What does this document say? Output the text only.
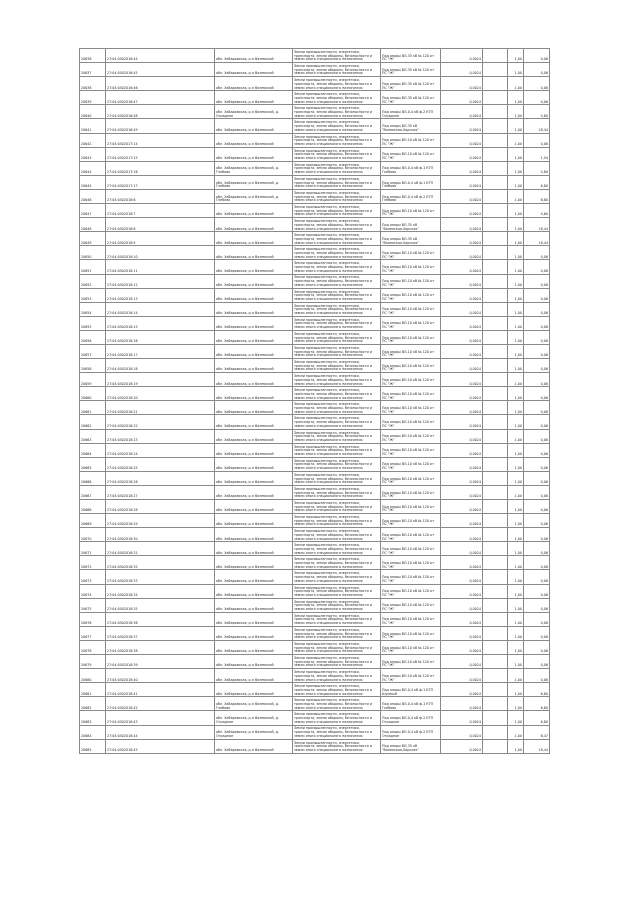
20636	27:04:0502016:44	обл. Хабаровская, р-н Вяземский	Земли промышленности, энергетики, транспорта, земли обороны, безопасности и земли иного специального назначения	Под опоры ВЛ-35 кВ № 120 от ПС "Ж"	0,0024		1,00	0,06
20637	27:04:0502016:45	обл. Хабаровская, р-н Вяземский	Земли промышленности, энергетики, транспорта, земли обороны, безопасности и земли иного специального назначения	Под опоры ВЛ-35 кВ № 120 от ПС "Ж"	0,0024		1,00	0,06
20638	27:04:0502016:46	обл. Хабаровская, р-н Вяземский	Земли промышленности, энергетики, транспорта, земли обороны, безопасности и земли иного специального назначения	Под опоры ВЛ-35 кВ № 120 от ПС "Ж"	0,0024		1,00	0,06
20639	27:04:0502016:47	обл. Хабаровская, р-н Вяземский	Земли промышленности, энергетики, транспорта, земли обороны, безопасности и земли иного специального назначения	Под опоры ВЛ-35 кВ № 120 от ПС "Ж"	0,0024		1,00	0,06
20640	27:04:0502016:48	обл. Хабаровская, р-н Вяземский, д. Отрадное	Земли промышленности, энергетики, транспорта, земли обороны, безопасности и земли иного специального назначения	Под опоры ВЛ-0,4 кВ ф.2 КТП Отрадное	0,0024		1,00	4,80
20641	27:04:0502016:49	обл. Хабаровская, р-н Вяземский	Земли промышленности, энергетики, транспорта, земли обороны, безопасности и земли иного специального назначения	Под опоры ВЛ-35 кВ "Вяземская-Хорская"	0,0024		1,00	18,44
20642	27:04:0502017:14	обл. Хабаровская, р-н Вяземский	Земли промышленности, энергетики, транспорта, земли обороны, безопасности и земли иного специального назначения	Под опоры ВЛ-10 кВ № 120 от ПС "Ж"	0,0024		1,00	0,06
20643	27:04:0502017:15	обл. Хабаровская, р-н Вяземский	Земли промышленности, энергетики, транспорта, земли обороны, безопасности и земли иного специального назначения	Под опоры ВЛ-10 кВ № 120 от ПС "Ж"	0,0024		1,00	1,54
20644	27:04:0502017:16	обл. Хабаровская, р-н Вяземский, д. Глебово	Земли промышленности, энергетики, транспорта, земли обороны, безопасности и земли иного специального назначения	Под опоры ВЛ-0,4 кВ ф.1 КТП Глебово	0,0024		1,00	4,80
20645	27:04:0502017:17	обл. Хабаровская, р-н Вяземский, д. Глебово	Земли промышленности, энергетики, транспорта, земли обороны, безопасности и земли иного специального назначения	Под опоры ВЛ-0,4 кВ ф.1 КТП Глебово	0,0024		1,00	6,80
20646	27:04:0502018:6	обл. Хабаровская, р-н Вяземский, д. Глебово	Земли промышленности, энергетики, транспорта, земли обороны, безопасности и земли иного специального назначения	Под опоры ВЛ-0,4 кВ ф.2 КТП Глебово	0,0024		1,00	6,80
20647	27:04:0502018:7	обл. Хабаровская, р-н Вяземский	Земли промышленности, энергетики, транспорта, земли обороны, безопасности и земли иного специального назначения	Под опоры ВЛ-10 кВ № 120 от ПС "Ж"	0,0024		1,00	4,60
20648	27:04:0502018:8	обл. Хабаровская, р-н Вяземский	Земли промышленности, энергетики, транспорта, земли обороны, безопасности и земли иного специального назначения	Под опоры ВЛ-35 кВ "Вяземская-Хорская"	0,0024		1,00	18,44
20649	27:04:0502018:9	обл. Хабаровская, р-н Вяземский	Земли промышленности, энергетики, транспорта, земли обороны, безопасности и земли иного специального назначения	Под опоры ВЛ-35 кВ "Вяземская-Хорская"	0,0024		1,00	18,44
20650	27:04:0502018:10	обл. Хабаровская, р-н Вяземский	Земли промышленности, энергетики, транспорта, земли обороны, безопасности и земли иного специального назначения	Под опоры ВЛ-10 кВ № 120 от ПС "Ж"	0,0024		1,00	0,06
20651	27:04:0502018:11	обл. Хабаровская, р-н Вяземский	Земли промышленности, энергетики, транспорта, земли обороны, безопасности и земли иного специального назначения	Под опоры ВЛ-10 кВ № 120 от ПС "Ж"	0,0024		1,00	0,06
20652	27:04:0502018:12	обл. Хабаровская, р-н Вяземский	Земли промышленности, энергетики, транспорта, земли обороны, безопасности и земли иного специального назначения	Под опоры ВЛ-10 кВ № 120 от ПС "Ж"	0,0024		1,00	0,06
20653	27:04:0502018:13	обл. Хабаровская, р-н Вяземский	Земли промышленности, энергетики, транспорта, земли обороны, безопасности и земли иного специального назначения	Под опоры ВЛ-10 кВ № 120 от ПС "Ж"	0,0024		1,00	0,06
20654	27:04:0502018:14	обл. Хабаровская, р-н Вяземский	Земли промышленности, энергетики, транспорта, земли обороны, безопасности и земли иного специального назначения	Под опоры ВЛ-10 кВ № 120 от ПС "Ж"	0,0024		1,00	0,06
20655	27:04:0502018:15	обл. Хабаровская, р-н Вяземский	Земли промышленности, энергетики, транспорта, земли обороны, безопасности и земли иного специального назначения	Под опоры ВЛ-10 кВ № 120 от ПС "Ж"	0,0024		1,00	0,06
20656	27:04:0502018:16	обл. Хабаровская, р-н Вяземский	Земли промышленности, энергетики, транспорта, земли обороны, безопасности и земли иного специального назначения	Под опоры ВЛ-10 кВ № 120 от ПС "Ж"	0,0024		1,00	0,06
20657	27:04:0502018:17	обл. Хабаровская, р-н Вяземский	Земли промышленности, энергетики, транспорта, земли обороны, безопасности и земли иного специального назначения	Под опоры ВЛ-10 кВ № 120 от ПС "Ж"	0,0024		1,00	0,06
20658	27:04:0502018:18	обл. Хабаровская, р-н Вяземский	Земли промышленности, энергетики, транспорта, земли обороны, безопасности и земли иного специального назначения	Под опоры ВЛ-10 кВ № 120 от ПС "Ж"	0,0024		1,00	0,06
20659	27:04:0502018:19	обл. Хабаровская, р-н Вяземский	Земли промышленности, энергетики, транспорта, земли обороны, безопасности и земли иного специального назначения	Под опоры ВЛ-10 кВ № 120 от ПС "Ж"	0,0024		1,00	0,06
20660	27:04:0502018:20	обл. Хабаровская, р-н Вяземский	Земли промышленности, энергетики, транспорта, земли обороны, безопасности и земли иного специального назначения	Под опоры ВЛ-10 кВ № 120 от ПС "Ж"	0,0024		1,00	0,06
20661	27:04:0502018:21	обл. Хабаровская, р-н Вяземский	Земли промышленности, энергетики, транспорта, земли обороны, безопасности и земли иного специального назначения	Под опоры ВЛ-10 кВ № 120 от ПС "Ж"	0,0024		1,00	0,06
20662	27:04:0502018:22	обл. Хабаровская, р-н Вяземский	Земли промышленности, энергетики, транспорта, земли обороны, безопасности и земли иного специального назначения	Под опоры ВЛ-10 кВ № 120 от ПС "Ж"	0,0024		1,00	0,06
20663	27:04:0502018:23	обл. Хабаровская, р-н Вяземский	Земли промышленности, энергетики, транспорта, земли обороны, безопасности и земли иного специального назначения	Под опоры ВЛ-10 кВ № 120 от ПС "Ж"	0,0024		1,00	0,06
20664	27:04:0502018:24	обл. Хабаровская, р-н Вяземский	Земли промышленности, энергетики, транспорта, земли обороны, безопасности и земли иного специального назначения	Под опоры ВЛ-10 кВ № 120 от ПС "Ж"	0,0024		1,00	0,06
20665	27:04:0502018:25	обл. Хабаровская, р-н Вяземский	Земли промышленности, энергетики, транспорта, земли обороны, безопасности и земли иного специального назначения	Под опоры ВЛ-10 кВ № 120 от ПС "Ж"	0,0024		1,00	0,06
20666	27:04:0502018:26	обл. Хабаровская, р-н Вяземский	Земли промышленности, энергетики, транспорта, земли обороны, безопасности и земли иного специального назначения	Под опоры ВЛ-10 кВ № 120 от ПС "Ж"	0,0024		1,00	0,06
20667	27:04:0502018:27	обл. Хабаровская, р-н Вяземский	Земли промышленности, энергетики, транспорта, земли обороны, безопасности и земли иного специального назначения	Под опоры ВЛ-10 кВ № 120 от ПС "Ж"	0,0024		1,00	0,06
20668	27:04:0502018:28	обл. Хабаровская, р-н Вяземский	Земли промышленности, энергетики, транспорта, земли обороны, безопасности и земли иного специального назначения	Под опоры ВЛ-10 кВ № 120 от ПС "Ж"	0,0024		1,00	0,06
20669	27:04:0502018:29	обл. Хабаровская, р-н Вяземский	Земли промышленности, энергетики, транспорта, земли обороны, безопасности и земли иного специального назначения	Под опоры ВЛ-10 кВ № 120 от ПС "Ж"	0,0024		1,00	0,06
20670	27:04:0502018:30	обл. Хабаровская, р-н Вяземский	Земли промышленности, энергетики, транспорта, земли обороны, безопасности и земли иного специального назначения	Под опоры ВЛ-10 кВ № 120 от ПС "Ж"	0,0024		1,00	0,06
20671	27:04:0502018:31	обл. Хабаровская, р-н Вяземский	Земли промышленности, энергетики, транспорта, земли обороны, безопасности и земли иного специального назначения	Под опоры ВЛ-10 кВ № 120 от ПС "Ж"	0,0024		1,00	0,06
20672	27:04:0502018:32	обл. Хабаровская, р-н Вяземский	Земли промышленности, энергетики, транспорта, земли обороны, безопасности и земли иного специального назначения	Под опоры ВЛ-10 кВ № 120 от ПС "Ж"	0,0024		1,00	0,06
20673	27:04:0502018:33	обл. Хабаровская, р-н Вяземский	Земли промышленности, энергетики, транспорта, земли обороны, безопасности и земли иного специального назначения	Под опоры ВЛ-10 кВ № 120 от ПС "Ж"	0,0024		1,00	0,06
20674	27:04:0502018:34	обл. Хабаровская, р-н Вяземский	Земли промышленности, энергетики, транспорта, земли обороны, безопасности и земли иного специального назначения	Под опоры ВЛ-10 кВ № 120 от ПС "Ж"	0,0024		1,00	0,06
20675	27:04:0502018:35	обл. Хабаровская, р-н Вяземский	Земли промышленности, энергетики, транспорта, земли обороны, безопасности и земли иного специального назначения	Под опоры ВЛ-10 кВ № 120 от ПС "Ж"	0,0024		1,00	0,06
20676	27:04:0502018:36	обл. Хабаровская, р-н Вяземский	Земли промышленности, энергетики, транспорта, земли обороны, безопасности и земли иного специального назначения	Под опоры ВЛ-10 кВ № 120 от ПС "Ж"	0,0024		1,00	0,06
20677	27:04:0502018:37	обл. Хабаровская, р-н Вяземский	Земли промышленности, энергетики, транспорта, земли обороны, безопасности и земли иного специального назначения	Под опоры ВЛ-10 кВ № 120 от ПС "Ж"	0,0024		1,00	0,06
20678	27:04:0502018:38	обл. Хабаровская, р-н Вяземский	Земли промышленности, энергетики, транспорта, земли обороны, безопасности и земли иного специального назначения	Под опоры ВЛ-10 кВ № 120 от ПС "Ж"	0,0024		1,00	0,06
20679	27:04:0502018:39	обл. Хабаровская, р-н Вяземский	Земли промышленности, энергетики, транспорта, земли обороны, безопасности и земли иного специального назначения	Под опоры ВЛ-10 кВ № 120 от ПС "Ж"	0,0024		1,00	0,06
20680	27:04:0502018:40	обл. Хабаровская, р-н Вяземский	Земли промышленности, энергетики, транспорта, земли обороны, безопасности и земли иного специального назначения	Под опоры ВЛ-10 кВ № 120 от ПС "Ж"	0,0024		1,00	0,06
20681	27:04:0502018:41	обл. Хабаровская, р-н Вяземский	Земли промышленности, энергетики, транспорта, земли обороны, безопасности и земли иного специального назначения	Под опоры ВЛ-0,4 кВ ф.1 КТП Шумный	0,0024		1,00	6,80
20682	27:04:0502018:42	обл. Хабаровская, р-н Вяземский, д. Глебово	Земли промышленности, энергетики, транспорта, земли обороны, безопасности и земли иного специального назначения	Под опоры ВЛ-0,4 кВ ф.1 КТП Глебово	0,0024		1,00	6,80
20683	27:04:0502018:43	обл. Хабаровская, р-н Вяземский, д. Отрадное	Земли промышленности, энергетики, транспорта, земли обороны, безопасности и земли иного специального назначения	Под опоры ВЛ-0,4 кВ ф.2 КТП Отрадное	0,0024		1,00	6,80
20684	27:04:0502018:44	обл. Хабаровская, р-н Вяземский, д. Отрадное	Земли промышленности, энергетики, транспорта, земли обороны, безопасности и земли иного специального назначения	Под опоры ВЛ-0,4 кВ ф.2 КТП Отрадное	0,0024		1,00	6,47
20685	27:04:0502018:45	обл. Хабаровская, р-н Вяземский	Земли промышленности, энергетики, транспорта, земли обороны, безопасности и земли иного специального назначения	Под опоры ВЛ-35 кВ "Вяземская-Хорская"	0,0024		1,00	18,44
